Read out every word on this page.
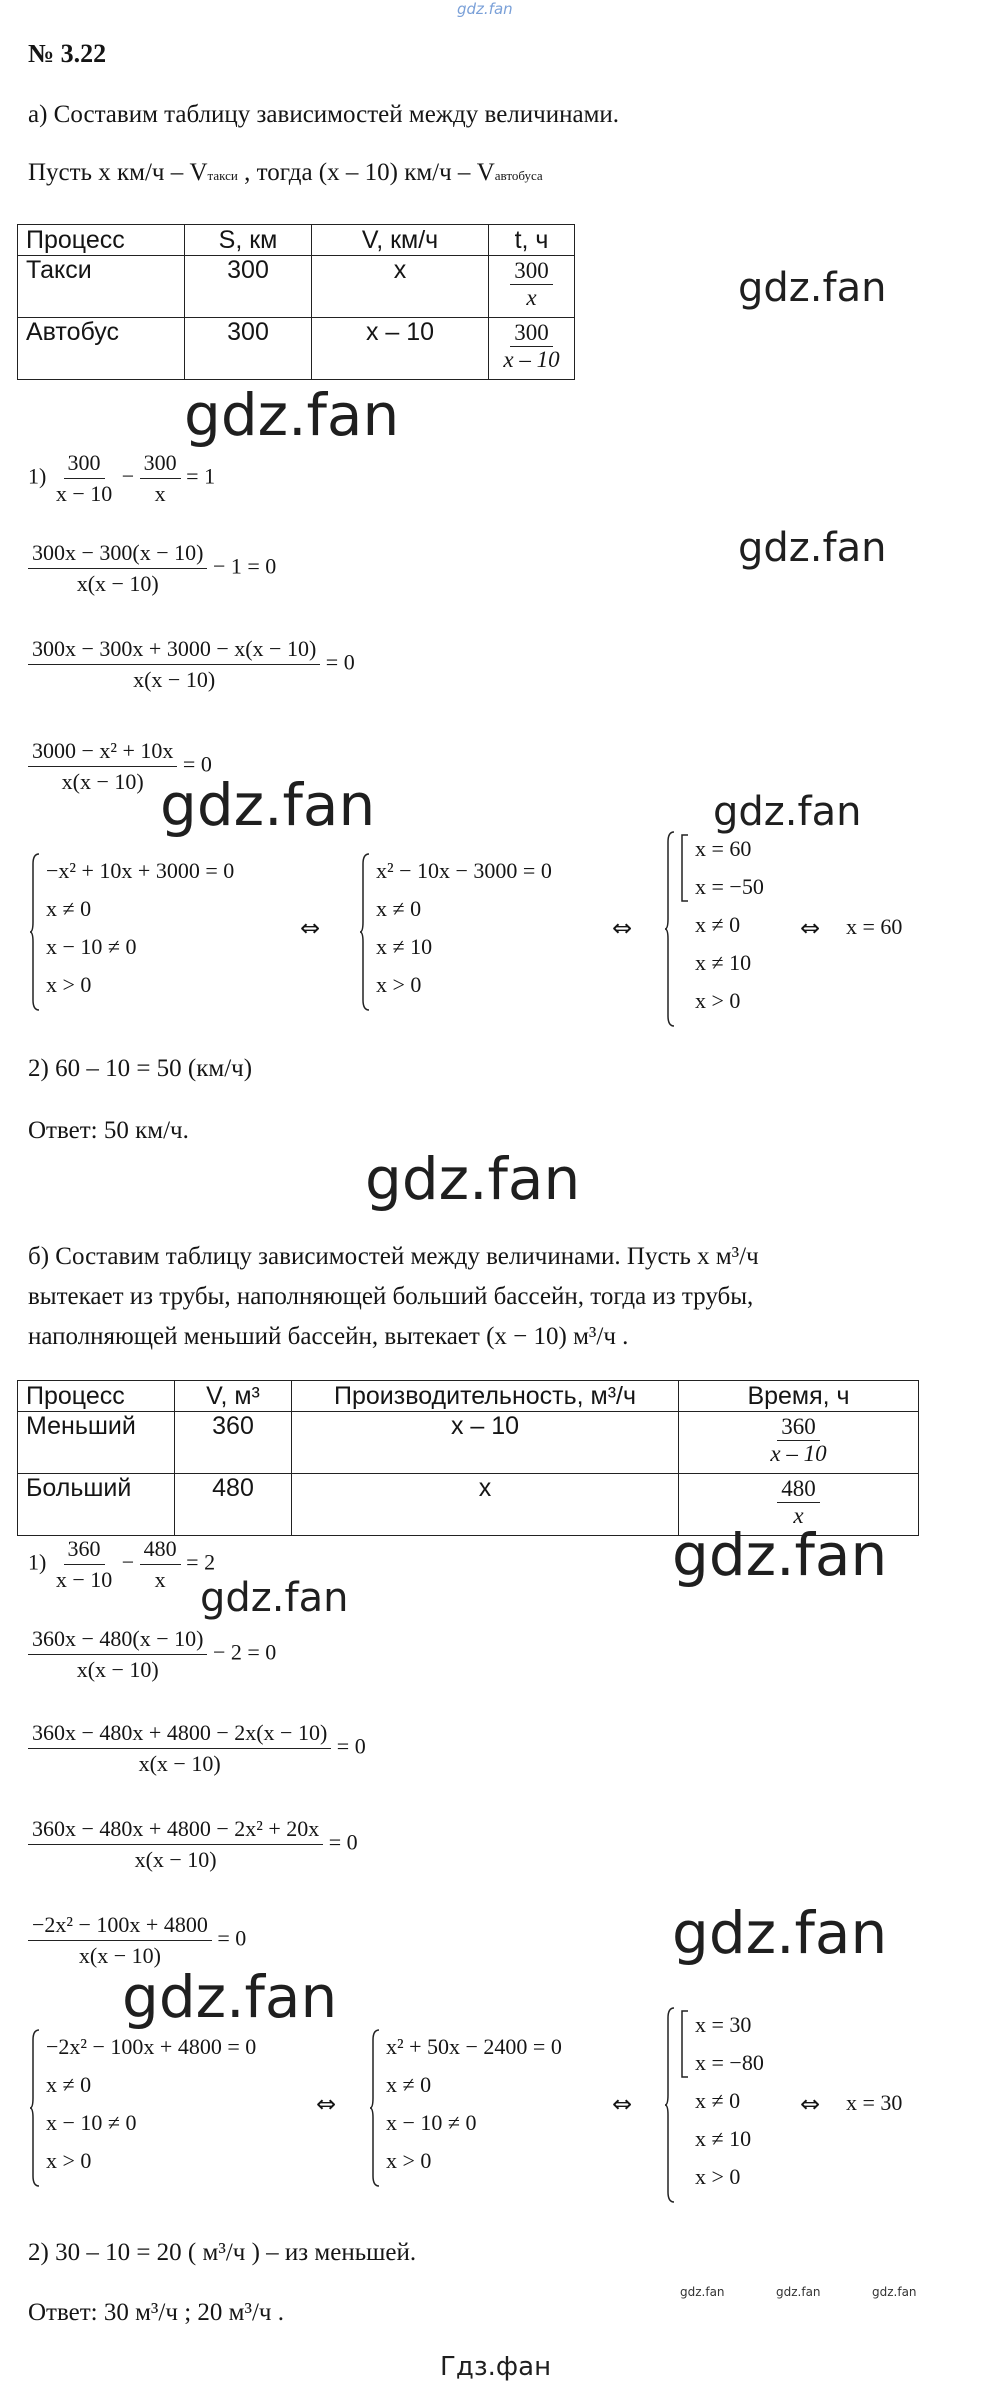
gdz.fan
№ 3.22
а) Составим таблицу зависимостей между величинами.
Пусть x км/ч – Vтакси , тогда (x – 10) км/ч – Vавтобуса
Процесс	S, км	V, км/ч	t, ч
Такси	300	x	$\frac{300}{x}$

Автобус	300	x – 10	$\frac{300}{x - 10}$
gdz.fan
gdz.fan
$1) \frac{300}{x - 10} - \frac{300}{x} = 1$
gdz.fan
$\frac{300x - 300(x - 10)}{x(x - 10)} - 1 = 0$
$\frac{300x - 300x + 3000 - x(x - 10)}{x(x - 10)} = 0$
$\frac{\text{3000 − x² + 10x}}{x(x - 10)} = 0$
gdz.fan	gdz.fan
−x² + 10x + 3000 = 0
x ≠ 0
x − 10 ≠ 0
x > 0
⇔
x² − 10x − 3000 = 0
x ≠ 0
x ≠ 10
x > 0
⇔
x = 60
x = −50
x ≠ 0
x ≠ 10
x > 0
⇔ x = 60
2) 60 – 10 = 50 (км/ч)
Ответ: 50 км/ч.
gdz.fan
б) Составим таблицу зависимостей между величинами. Пусть x м³/ч
вытекает из трубы, наполняющей больший бассейн, тогда из трубы,
наполняющей меньший бассейн, вытекает (x − 10) м³/ч .
Процесс	V, м³	Производительность, м³/ч	Время, ч
Меньший	360	x – 10	$\frac{360}{x - 10}$

Больший	480	x	$\frac{480}{x}$
$1) \frac{360}{x - 10} - \frac{480}{x} = 2$	gdz.fan
gdz.fan
$\frac{360x - 480(x - 10)}{x(x - 10)} - 2 = 0$
$\frac{360x - 480x + 4800 - 2x(x - 10)}{x(x - 10)} = 0$
$\frac{\text{360x − 480x + 4800 − 2x² + 20x}}{x(x - 10)} = 0$
$\frac{\text{−2x² − 100x + 4800}}{x(x - 10)} = 0$	gdz.fan
gdz.fan
−2x² − 100x + 4800 = 0
x ≠ 0
x − 10 ≠ 0
x > 0
⇔
x² + 50x − 2400 = 0
x ≠ 0
x − 10 ≠ 0
x > 0
⇔
x = 30
x = −80
x ≠ 0
x ≠ 10
x > 0
⇔ x = 30
2) 30 – 10 = 20 ( м³/ч ) – из меньшей.
Ответ: 30 м³/ч ; 20 м³/ч .
gdz.fan	gdz.fan	gdz.fan
Гдз.фан
